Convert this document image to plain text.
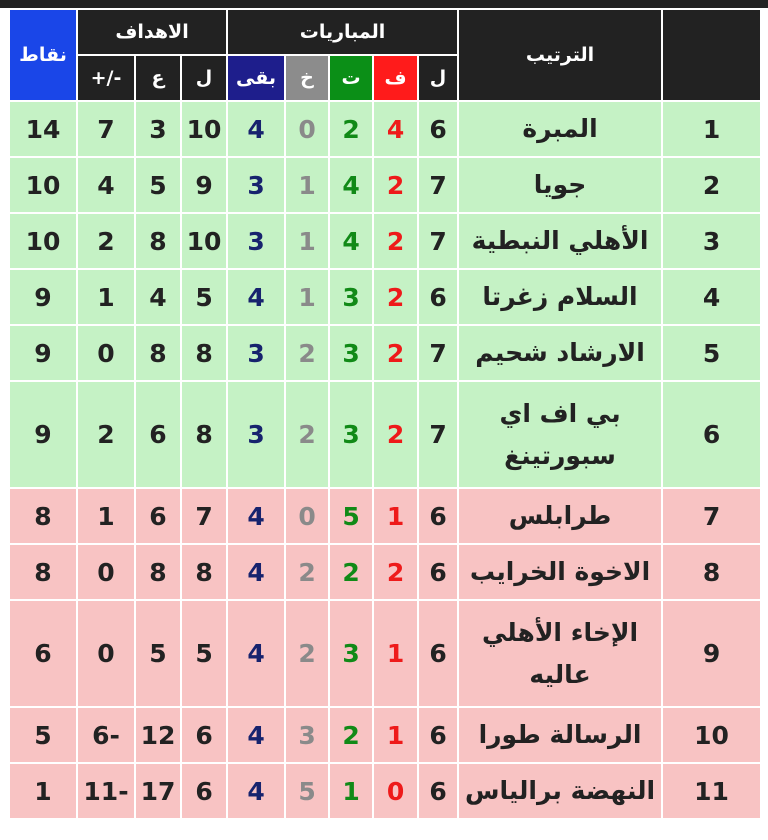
نقاط	الاهداف			المباريات					الترتيب	
	+/-	ع	ل	بقى	خ	ت	ف	ل		
14	7	3	10	4	0	2	4	6	المبرة	1
10	4	5	9	3	1	4	2	7	جويا	2
10	2	8	10	3	1	4	2	7	الأهلي النبطية	3
9	1	4	5	4	1	3	2	6	السلام زغرتا	4
9	0	8	8	3	2	3	2	7	الارشاد شحيم	5
9	2	6	8	3	2	3	2	7	بي اف اي سبورتينغ	6
8	1	6	7	4	0	5	1	6	طرابلس	7
8	0	8	8	4	2	2	2	6	الاخوة الخرايب	8
6	0	5	5	4	2	3	1	6	الإخاء الأهلي عاليه	9
5	6-	12	6	4	3	2	1	6	الرسالة طورا	10
1	11-	17	6	4	5	1	0	6	النهضة برالياس	11
